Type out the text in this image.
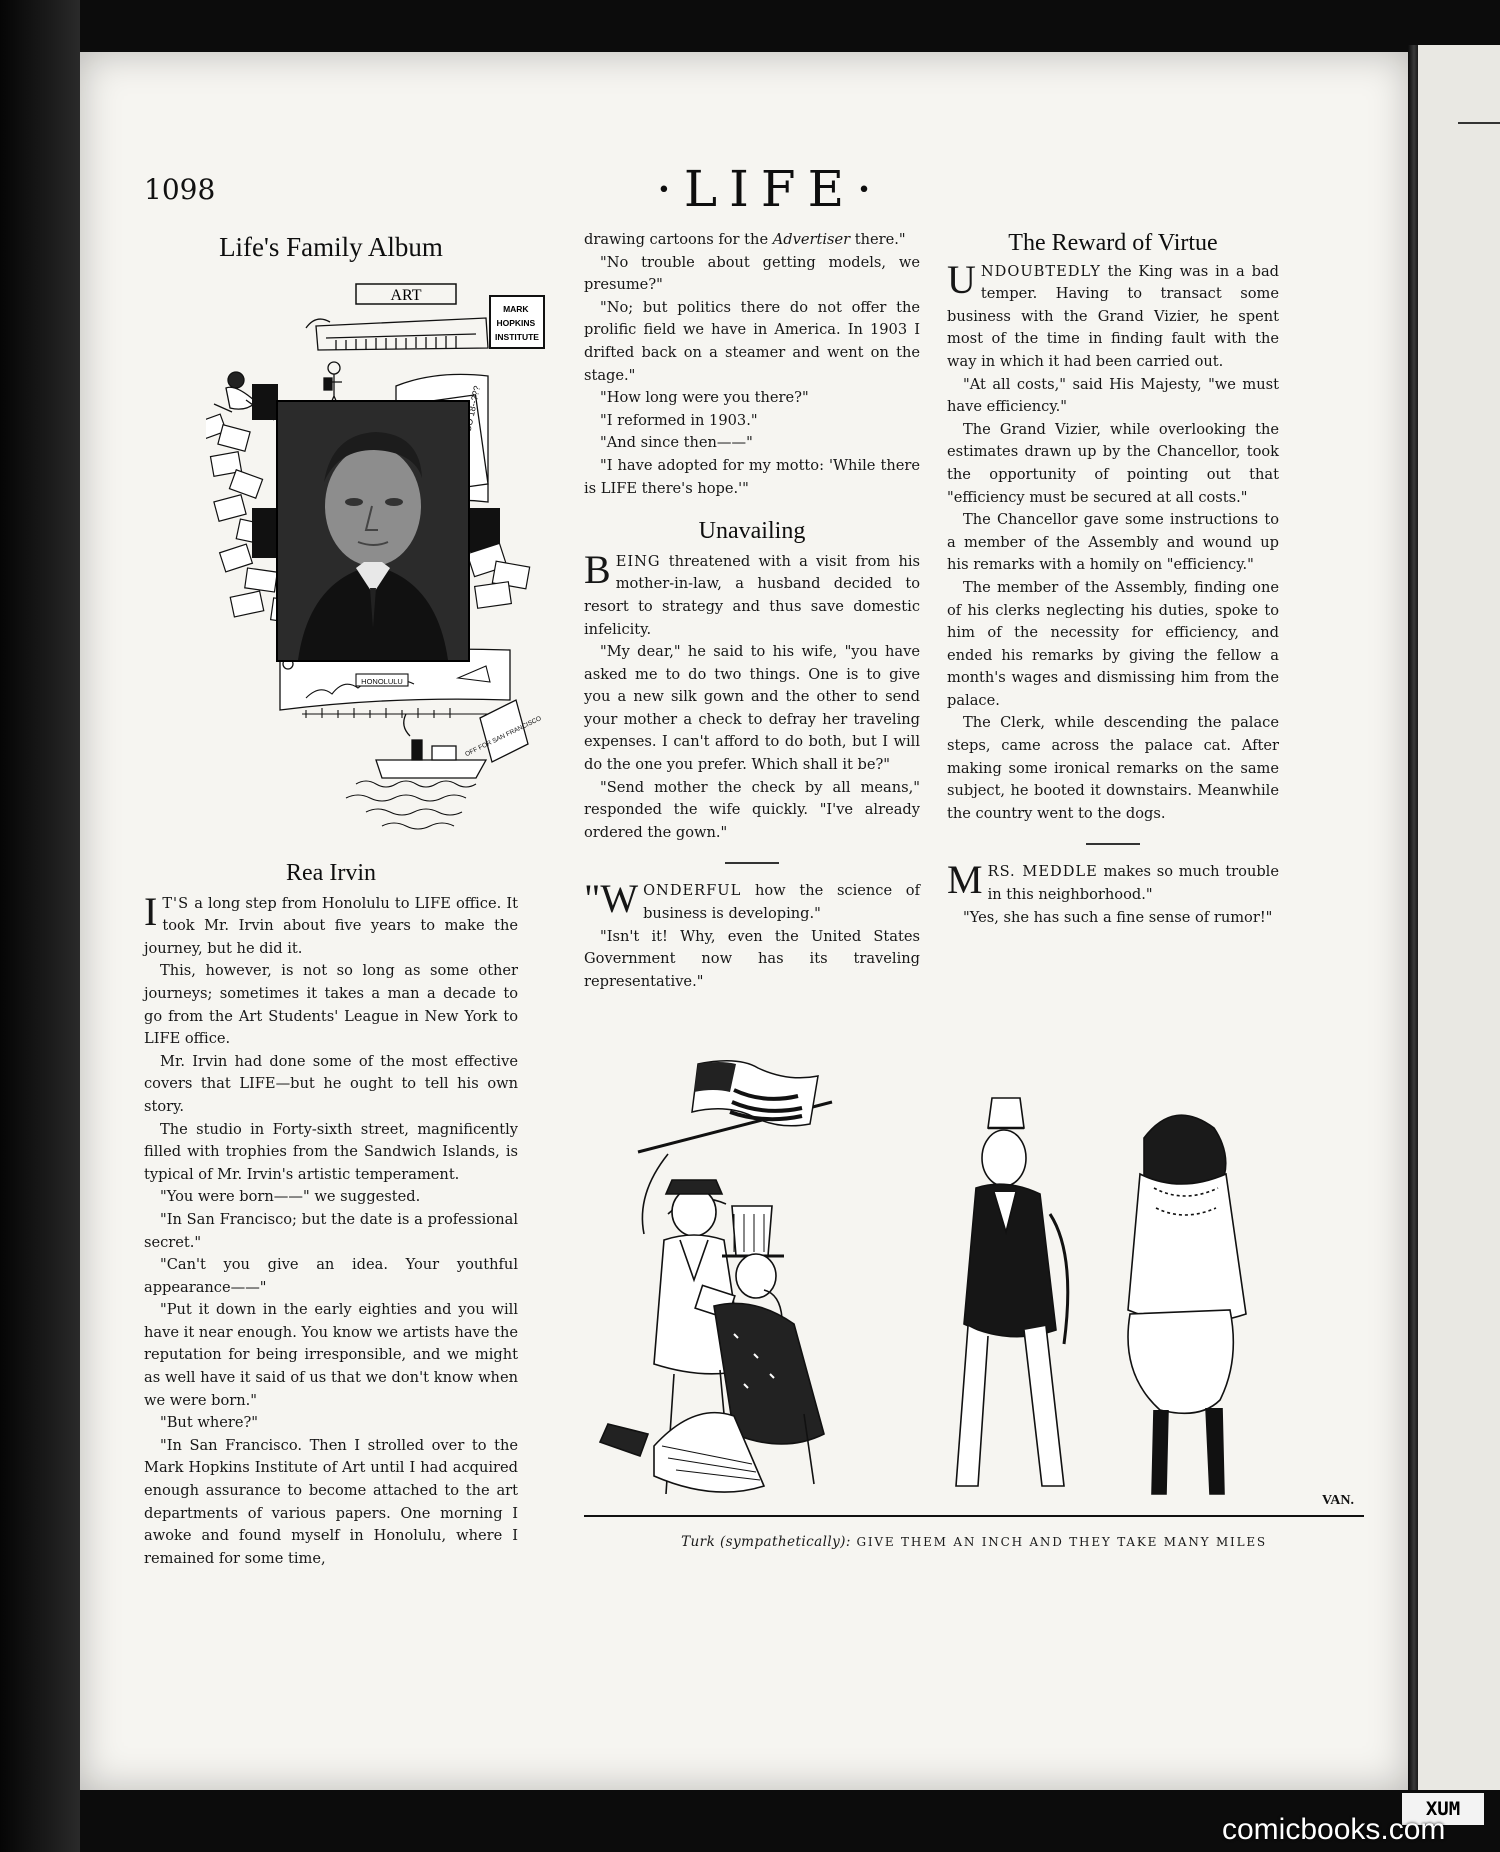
1098	·LIFE·
Life's Family Album
ART
MARK HOPKINS INSTITUTE
18--???
HONOLULU
OFF FOR SAN FRANCISCO
Rea Irvin

I T'S a long step from Honolulu to LIFE office. It took Mr. Irvin about five years to make the journey, but he did it.

This, however, is not so long as some other journeys; sometimes it takes a man a decade to go from the Art Students' League in New York to LIFE office.

Mr. Irvin had done some of the most effective covers that LIFE—but he ought to tell his own story.

The studio in Forty-sixth street, magnificently filled with trophies from the Sandwich Islands, is typical of Mr. Irvin's artistic temperament.

"You were born——" we suggested.

"In San Francisco; but the date is a professional secret."

"Can't you give an idea. Your youthful appearance——"

"Put it down in the early eighties and you will have it near enough. You know we artists have the reputation for being irresponsible, and we might as well have it said of us that we don't know when we were born."

"But where?"

"In San Francisco. Then I strolled over to the Mark Hopkins Institute of Art until I had acquired enough assurance to become attached to the art departments of various papers. One morning I awoke and found myself in Honolulu, where I remained for some time,

drawing cartoons for the Advertiser there."

"No trouble about getting models, we presume?"

"No; but politics there do not offer the prolific field we have in America. In 1903 I drifted back on a steamer and went on the stage."

"How long were you there?"

"I reformed in 1903."

"And since then——"

"I have adopted for my motto: 'While there is LIFE there's hope.'"

Unavailing

BEING threatened with a visit from his mother-in-law, a husband decided to resort to strategy and thus save domestic infelicity.

"My dear," he said to his wife, "you have asked me to do two things. One is to give you a new silk gown and the other to send your mother a check to defray her traveling expenses. I can't afford to do both, but I will do the one you prefer. Which shall it be?"

"Send mother the check by all means," responded the wife quickly. "I've already ordered the gown."

"WONDERFUL how the science of business is developing."

"Isn't it! Why, even the United States Government now has its traveling representative."

The Reward of Virtue

UNDOUBTEDLY the King was in a bad temper. Having to transact some business with the Grand Vizier, he spent most of the time in finding fault with the way in which it had been carried out.

"At all costs," said His Majesty, "we must have efficiency."

The Grand Vizier, while overlooking the estimates drawn up by the Chancellor, took the opportunity of pointing out that "efficiency must be secured at all costs."

The Chancellor gave some instructions to a member of the Assembly and wound up his remarks with a homily on "efficiency."

The member of the Assembly, finding one of his clerks neglecting his duties, spoke to him of the necessity for efficiency, and ended his remarks by giving the fellow a month's wages and dismissing him from the palace.

The Clerk, while descending the palace steps, came across the palace cat. After making some ironical remarks on the same subject, he booted it downstairs. Meanwhile the country went to the dogs.

MRS. MEDDLE makes so much trouble in this neighborhood."

"Yes, she has such a fine sense of rumor!"

VAN.
Turk (sympathetically): GIVE THEM AN INCH AND THEY TAKE MANY MILES
XUM
comicbooks.com
